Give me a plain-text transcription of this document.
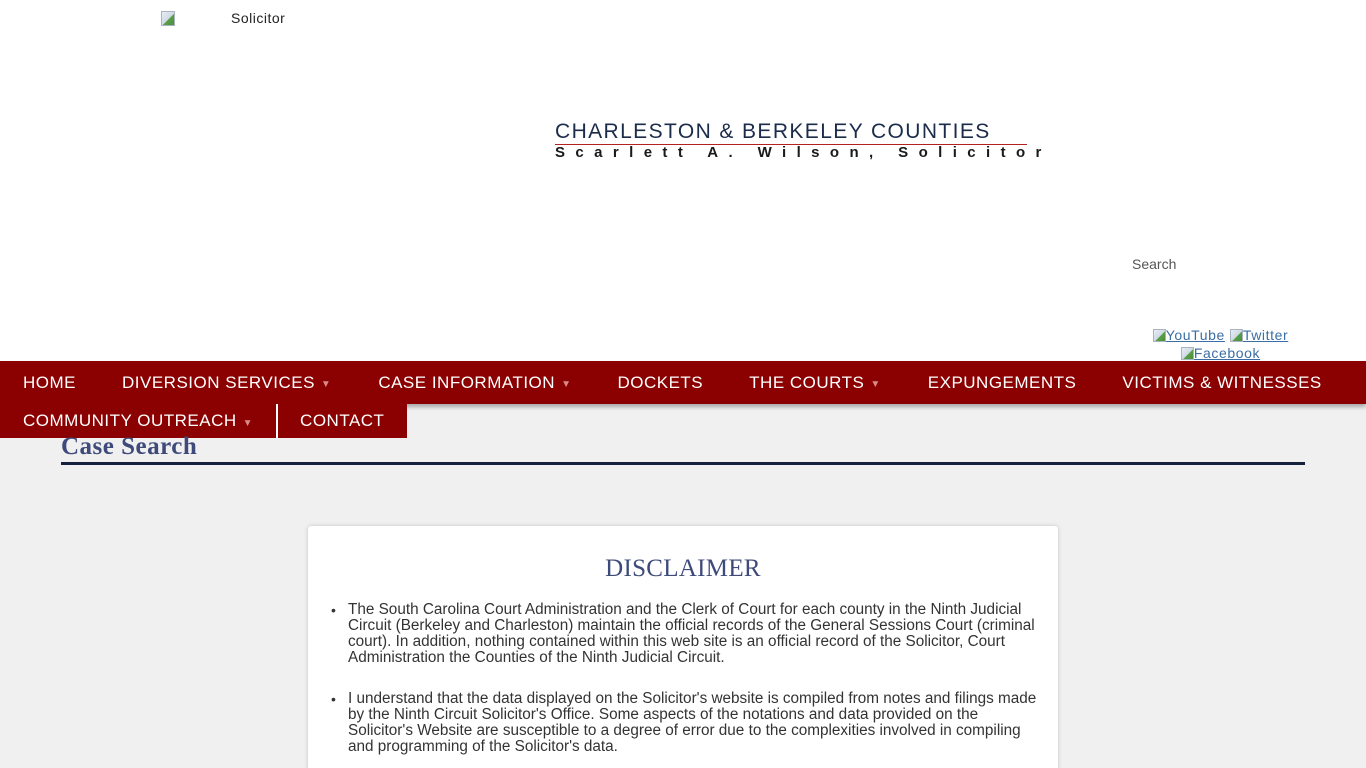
Solicitor
CHARLESTON & BERKELEY COUNTIES
Scarlett A. Wilson, Solicitor
Search
YouTube
Twitter

Facebook
HOME	DIVERSION SERVICES ▼	CASE INFORMATION ▼	DOCKETS	THE COURTS ▼	EXPUNGEMENTS	VICTIMS & WITNESSES
COMMUNITY OUTREACH ▼	CONTACT
Case Search
DISCLAIMER
• The South Carolina Court Administration and the Clerk of Court for each county in the Ninth Judicial Circuit (Berkeley and Charleston) maintain the official records of the General Sessions Court (criminal court). In addition, nothing contained within this web site is an official record of the Solicitor, Court Administration the Counties of the Ninth Judicial Circuit.
• I understand that the data displayed on the Solicitor's website is compiled from notes and filings made by the Ninth Circuit Solicitor's Office. Some aspects of the notations and data provided on the Solicitor's Website are susceptible to a degree of error due to the complexities involved in compiling and programming of the Solicitor's data.
